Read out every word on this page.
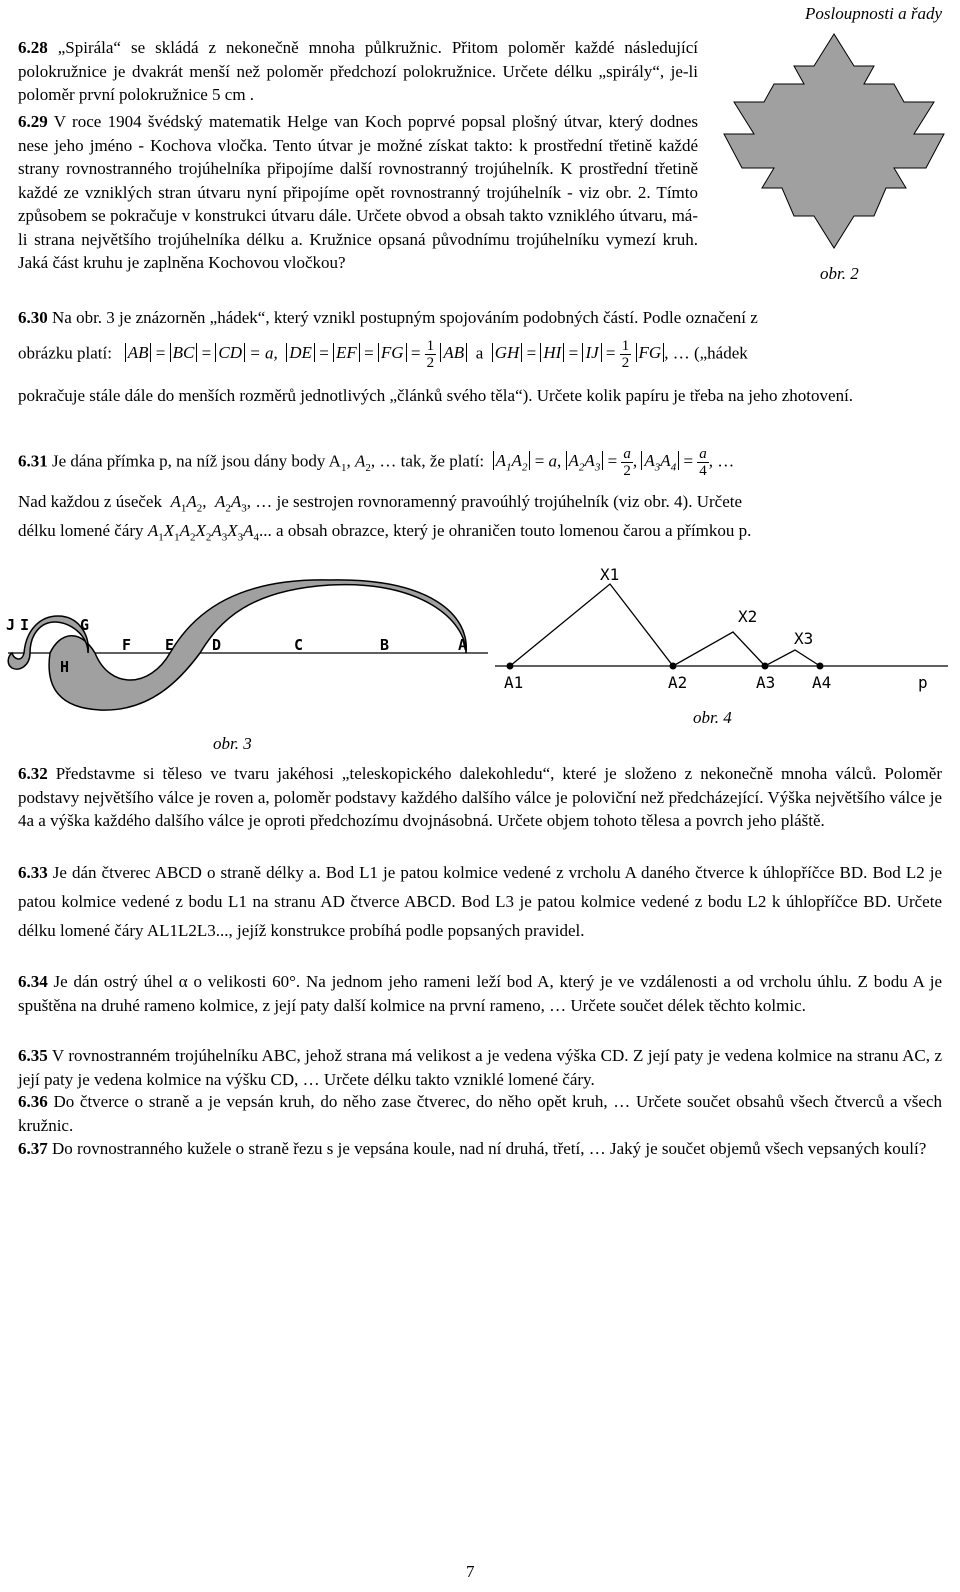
Posloupnosti a řady
6.28 „Spirála“ se skládá z nekonečně mnoha půlkružnic. Přitom poloměr každé následující polokružnice je dvakrát menší než poloměr předchozí polokružnice. Určete délku „spirály“, je-li poloměr první polokružnice 5 cm .
obr. 2
6.29 V roce 1904 švédský matematik Helge van Koch poprvé popsal plošný útvar, který dodnes nese jeho jméno - Kochova vločka. Tento útvar je možné získat takto: k prostřední třetině každé strany rovnostranného trojúhelníka připojíme další rovnostranný trojúhelník. K prostřední třetině každé ze vzniklých stran útvaru nyní připojíme opět rovnostranný trojúhelník - viz obr. 2. Tímto způsobem se pokračuje v konstrukci útvaru dále. Určete obvod a obsah takto vzniklého útvaru, má-li strana největšího trojúhelníka délku a. Kružnice opsaná původnímu trojúhelníku vymezí kruh. Jaká část kruhu je zaplněna Kochovou vločkou?
6.30 Na obr. 3 je znázorněn „hádek“, který vznikl postupným spojováním podobných částí. Podle označení z
obrázku platí: AB = BC = CD = a, DE = EF = FG = $\frac{1}{2}$ AB a GH = HI = IJ = $\frac{1}{2}$ FG , … („hádek
pokračuje stále dále do menších rozměrů jednotlivých „článků svého těla“). Určete kolik papíru je třeba na jeho zhotovení.
6.31 Je dána přímka p, na níž jsou dány body $A_1$, $A_2$, … tak, že platí: $A_1A_2 = a$, $A_2A_3 = \frac{a}{2}$ , $A_3A_4 = \frac{a}{4}$ , …
Nad každou z úseček $A_1A_2$,  $A_2A_3$, … je sestrojen rovnoramenný pravoúhlý trojúhelník (viz obr. 4). Určete
délku lomené čáry $A_1X_1A_2X_2A_3X_3A_4$... a obsah obrazce, který je ohraničen touto lomenou čarou a přímkou p.
J I	G
H
F E	D	C	B	A
obr. 3
X1
X2
X3
A1	A2	A3 A4	p
obr. 4
6.32 Představme si těleso ve tvaru jakéhosi „teleskopického dalekohledu“, které je složeno z nekonečně mnoha válců. Poloměr podstavy největšího válce je roven a, poloměr podstavy každého dalšího válce je poloviční než předcházející. Výška největšího válce je 4a a výška každého dalšího válce je oproti předchozímu dvojnásobná. Určete objem tohoto tělesa a povrch jeho pláště.
6.33 Je dán čtverec ABCD o straně délky a. Bod L1 je patou kolmice vedené z vrcholu A daného čtverce k úhlopříčce BD. Bod L2 je patou kolmice vedené z bodu L1 na stranu AD čtverce ABCD. Bod L3 je patou kolmice vedené z bodu L2 k úhlopříčce BD. Určete délku lomené čáry AL1L2L3..., jejíž konstrukce probíhá podle popsaných pravidel.
6.34 Je dán ostrý úhel α o velikosti 60°. Na jednom jeho rameni leží bod A, který je ve vzdálenosti a od vrcholu úhlu. Z bodu A je spuštěna na druhé rameno kolmice, z její paty další kolmice na první rameno, … Určete součet délek těchto kolmic.
6.35 V rovnostranném trojúhelníku ABC, jehož strana má velikost a je vedena výška CD. Z její paty je vedena kolmice na stranu AC, z její paty je vedena kolmice na výšku CD, … Určete délku takto vzniklé lomené čáry.
6.36 Do čtverce o straně a je vepsán kruh, do něho zase čtverec, do něho opět kruh, … Určete součet obsahů všech čtverců a všech kružnic.
6.37 Do rovnostranného kužele o straně řezu s je vepsána koule, nad ní druhá, třetí, … Jaký je součet objemů všech vepsaných koulí?
7
